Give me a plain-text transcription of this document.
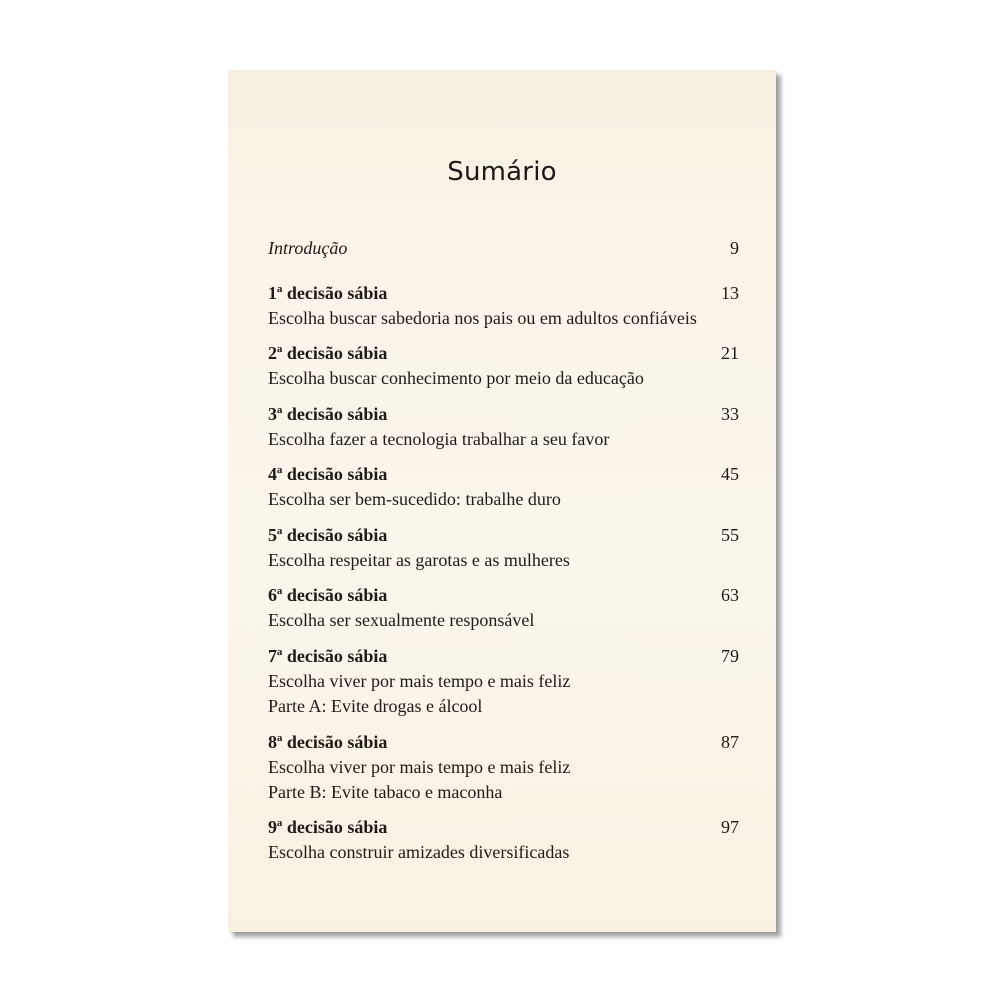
Sumário
Introdução	9
1ª decisão sábia	13
Escolha buscar sabedoria nos pais ou em adultos confiáveis
2ª decisão sábia	21
Escolha buscar conhecimento por meio da educação
3ª decisão sábia	33
Escolha fazer a tecnologia trabalhar a seu favor
4ª decisão sábia	45
Escolha ser bem-sucedido: trabalhe duro
5ª decisão sábia	55
Escolha respeitar as garotas e as mulheres
6ª decisão sábia	63
Escolha ser sexualmente responsável
7ª decisão sábia	79
Escolha viver por mais tempo e mais feliz
Parte A: Evite drogas e álcool
8ª decisão sábia	87
Escolha viver por mais tempo e mais feliz
Parte B: Evite tabaco e maconha
9ª decisão sábia	97
Escolha construir amizades diversificadas
